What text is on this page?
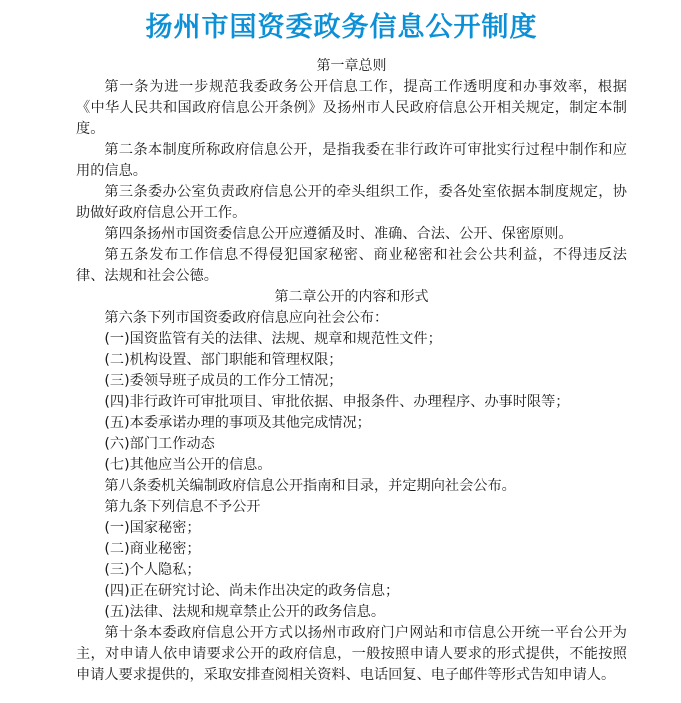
扬州市国资委政务信息公开制度

第一章总则

第一条为进一步规范我委政务公开信息工作，提高工作透明度和办事效率，根据《中华人民共和国政府信息公开条例》及扬州市人民政府信息公开相关规定，制定本制度。

第二条本制度所称政府信息公开，是指我委在非行政许可审批实行过程中制作和应用的信息。

第三条委办公室负责政府信息公开的牵头组织工作，委各处室依据本制度规定，协助做好政府信息公开工作。

第四条扬州市国资委信息公开应遵循及时、准确、合法、公开、保密原则。

第五条发布工作信息不得侵犯国家秘密、商业秘密和社会公共利益，不得违反法律、法规和社会公德。

第二章公开的内容和形式

第六条下列市国资委政府信息应向社会公布：

(一)国资监管有关的法律、法规、规章和规范性文件；

(二)机构设置、部门职能和管理权限；

(三)委领导班子成员的工作分工情况；

(四)非行政许可审批项目、审批依据、申报条件、办理程序、办事时限等；

(五)本委承诺办理的事项及其他完成情况；

(六)部门工作动态

(七)其他应当公开的信息。

第八条委机关编制政府信息公开指南和目录，并定期向社会公布。

第九条下列信息不予公开

(一)国家秘密；

(二)商业秘密；

(三)个人隐私；

(四)正在研究讨论、尚未作出决定的政务信息；

(五)法律、法规和规章禁止公开的政务信息。

第十条本委政府信息公开方式以扬州市政府门户网站和市信息公开统一平台公开为主，对申请人依申请要求公开的政府信息，一般按照申请人要求的形式提供，不能按照申请人要求提供的，采取安排查阅相关资料、电话回复、电子邮件等形式告知申请人。
